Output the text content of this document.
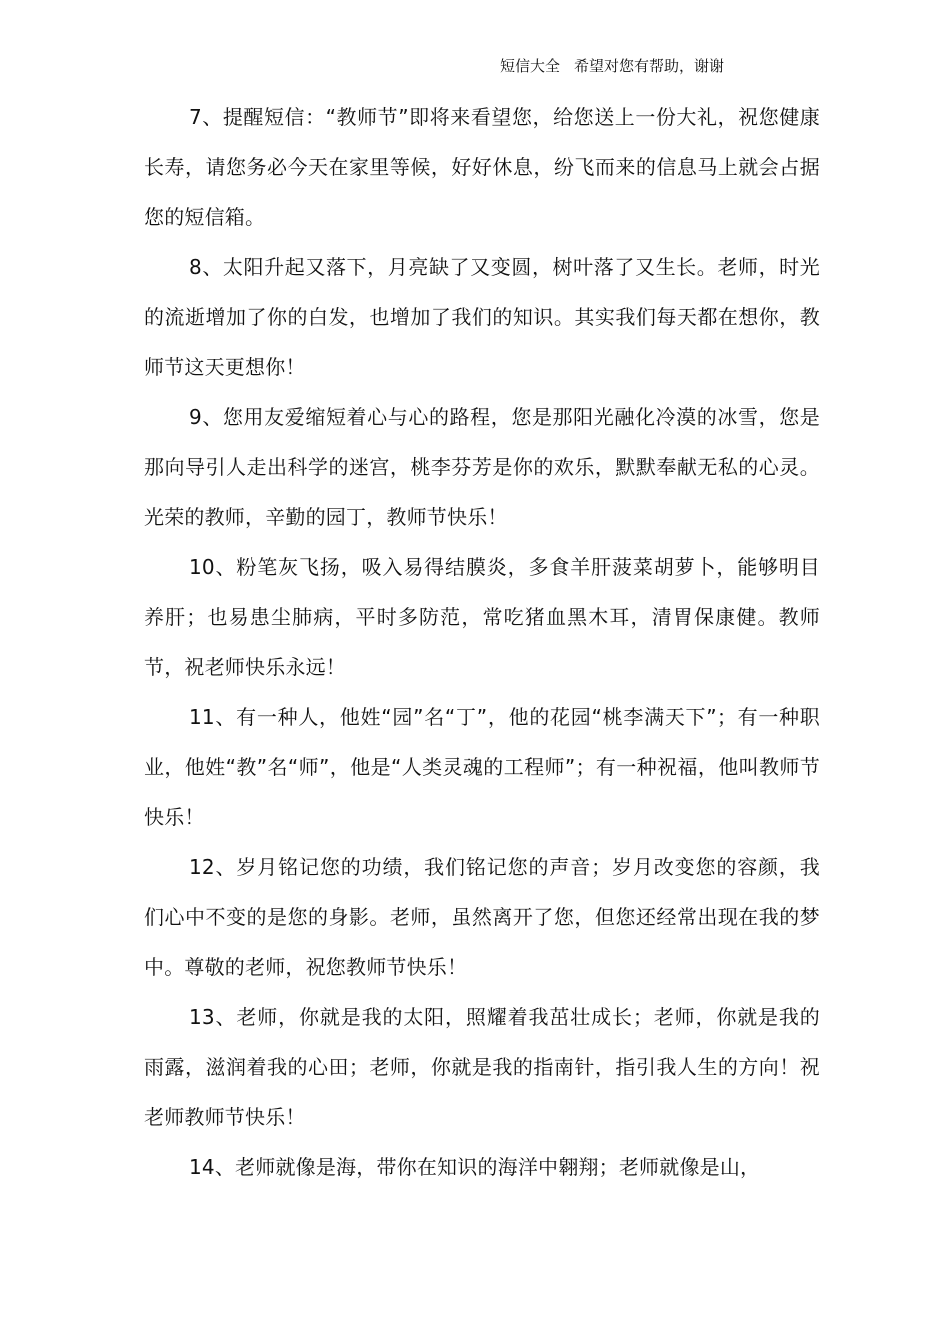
短信大全 希望对您有帮助，谢谢

7、提醒短信：“教师节”即将来看望您，给您送上一份大礼，祝您健康长寿，请您务必今天在家里等候，好好休息，纷飞而来的信息马上就会占据您的短信箱。

8、太阳升起又落下，月亮缺了又变圆，树叶落了又生长。老师，时光的流逝增加了你的白发，也增加了我们的知识。其实我们每天都在想你，教师节这天更想你！

9、您用友爱缩短着心与心的路程，您是那阳光融化冷漠的冰雪，您是那向导引人走出科学的迷宫，桃李芬芳是你的欢乐，默默奉献无私的心灵。光荣的教师，辛勤的园丁，教师节快乐！

10、粉笔灰飞扬，吸入易得结膜炎，多食羊肝菠菜胡萝卜，能够明目养肝；也易患尘肺病，平时多防范，常吃猪血黑木耳，清胃保康健。教师节，祝老师快乐永远！

11、有一种人，他姓“园”名“丁”，他的花园“桃李满天下”；有一种职业，他姓“教”名“师”，他是“人类灵魂的工程师”；有一种祝福，他叫教师节快乐！

12、岁月铭记您的功绩，我们铭记您的声音；岁月改变您的容颜，我们心中不变的是您的身影。老师，虽然离开了您，但您还经常出现在我的梦中。尊敬的老师，祝您教师节快乐！

13、老师，你就是我的太阳，照耀着我茁壮成长；老师，你就是我的雨露，滋润着我的心田；老师，你就是我的指南针，指引我人生的方向！祝老师教师节快乐！

14、老师就像是海，带你在知识的海洋中翱翔；老师就像是山，
